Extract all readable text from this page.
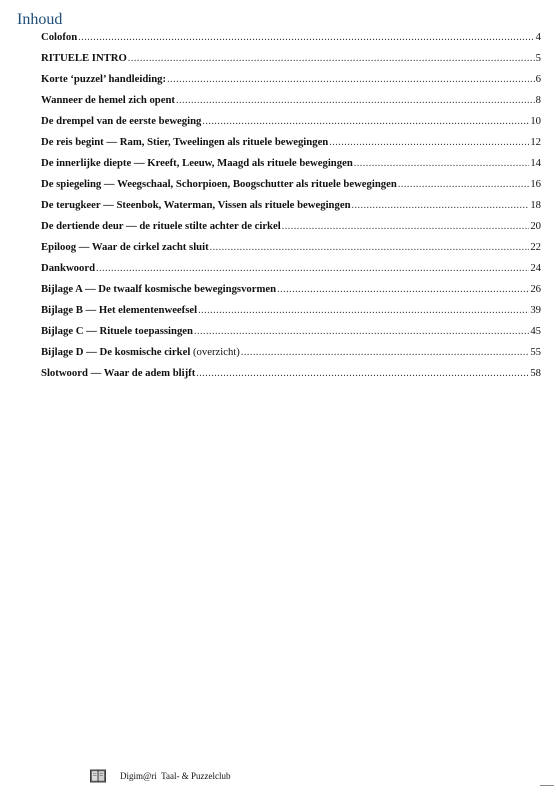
Inhoud
Colofon .....	4
RITUELE INTRO .....	5
Korte ‘puzzel’ handleiding: .....	6
Wanneer de hemel zich opent .....	8
De drempel van de eerste beweging .....	10
De reis begint — Ram, Stier, Tweelingen als rituele bewegingen .....	12
De innerlijke diepte — Kreeft, Leeuw, Maagd als rituele bewegingen .....	14
De spiegeling — Weegschaal, Schorpioen, Boogschutter als rituele bewegingen .....	16
De terugkeer — Steenbok, Waterman, Vissen als rituele bewegingen .....	18
De dertiende deur — de rituele stilte achter de cirkel .....	20
Epiloog — Waar de cirkel zacht sluit .....	22
Dankwoord .....	24
Bijlage A — De twaalf kosmische bewegingsvormen .....	26
Bijlage B — Het elementenweefsel .....	39
Bijlage C — Rituele toepassingen .....	45
Bijlage D — De kosmische cirkel (overzicht) .....	55
Slotwoord — Waar de adem blijft .....	58
Digim@ri  Taal- & Puzzelclub
